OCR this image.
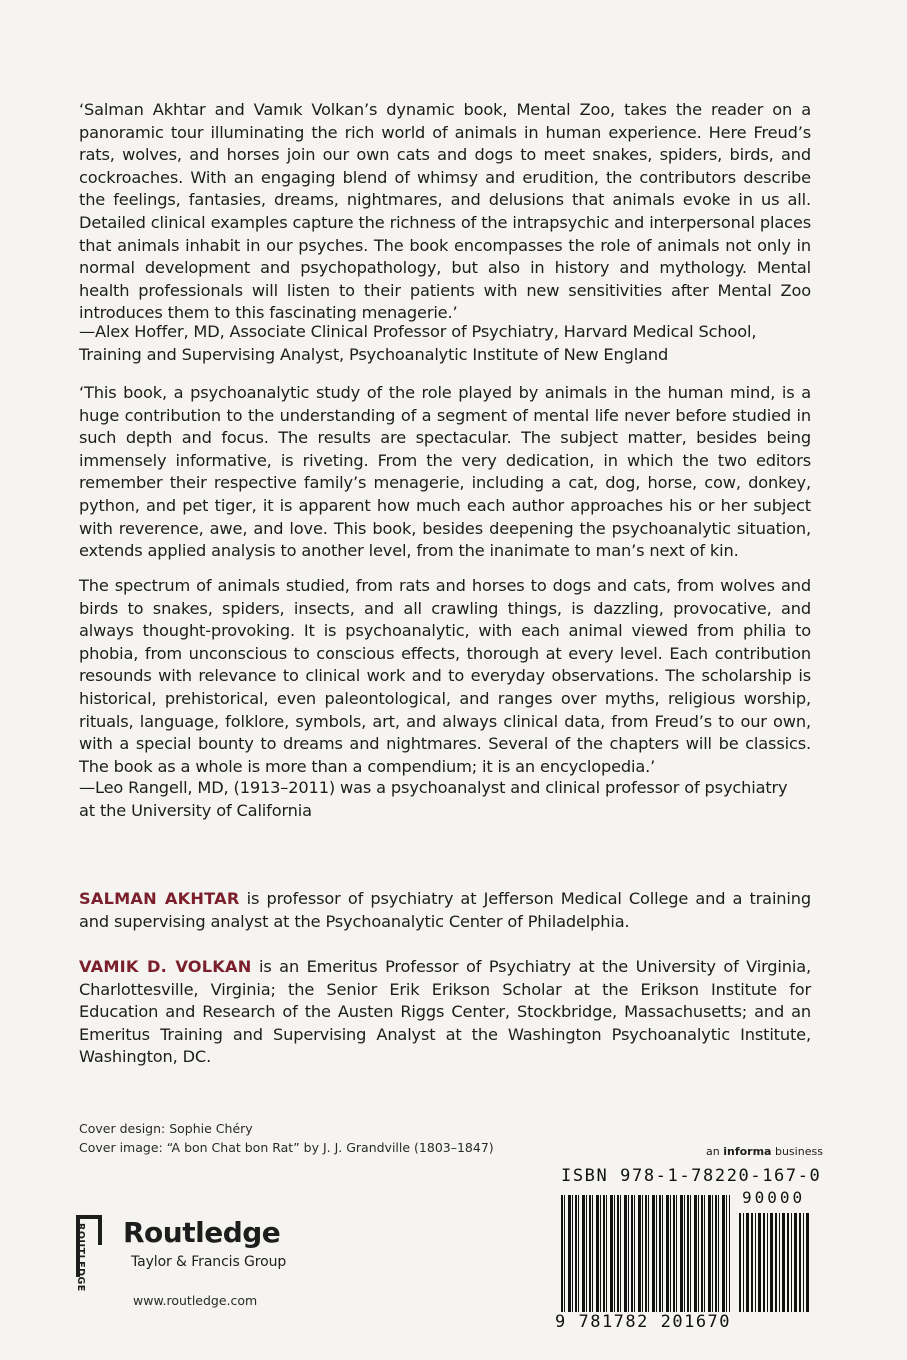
‘Salman Akhtar and Vamık Volkan’s dynamic book, Mental Zoo, takes the reader on a panoramic tour illuminating the rich world of animals in human experience. Here Freud’s rats, wolves, and horses join our own cats and dogs to meet snakes, spiders, birds, and cockroaches. With an engaging blend of whimsy and erudition, the contributors describe the feelings, fantasies, dreams, nightmares, and delusions that animals evoke in us all. Detailed clinical examples capture the richness of the intrapsychic and interpersonal places that animals inhabit in our psyches. The book encompasses the role of animals not only in normal development and psychopathology, but also in history and mythology. Mental health professionals will listen to their patients with new sensitivities after Mental Zoo introduces them to this fascinating menagerie.’

—Alex Hoffer, MD, Associate Clinical Professor of Psychiatry, Harvard Medical School,
Training and Supervising Analyst, Psychoanalytic Institute of New England

‘This book, a psychoanalytic study of the role played by animals in the human mind, is a huge contribution to the understanding of a segment of mental life never before studied in such depth and focus. The results are spectacular. The subject matter, besides being immensely informative, is riveting. From the very dedication, in which the two editors remember their respective family’s menagerie, including a cat, dog, horse, cow, donkey, python, and pet tiger, it is apparent how much each author approaches his or her subject with reverence, awe, and love. This book, besides deepening the psychoanalytic situation, extends applied analysis to another level, from the inanimate to man’s next of kin.

The spectrum of animals studied, from rats and horses to dogs and cats, from wolves and birds to snakes, spiders, insects, and all crawling things, is dazzling, provocative, and always thought-provoking. It is psychoanalytic, with each animal viewed from philia to phobia, from unconscious to conscious effects, thorough at every level. Each contribution resounds with relevance to clinical work and to everyday observations. The scholarship is historical, prehistorical, even paleontological, and ranges over myths, religious worship, rituals, language, folklore, symbols, art, and always clinical data, from Freud’s to our own, with a special bounty to dreams and nightmares. Several of the chapters will be classics. The book as a whole is more than a compendium; it is an encyclopedia.’

—Leo Rangell, MD, (1913–2011) was a psychoanalyst and clinical professor of psychiatry
at the University of California

SALMAN AKHTAR is professor of psychiatry at Jefferson Medical College and a training and supervising analyst at the Psychoanalytic Center of Philadelphia.

VAMIK D. VOLKAN is an Emeritus Professor of Psychiatry at the University of Virginia, Charlottesville, Virginia; the Senior Erik Erikson Scholar at the Erikson Institute for Education and Research of the Austen Riggs Center, Stockbridge, Massachusetts; and an Emeritus Training and Supervising Analyst at the Washington Psychoanalytic Institute, Washington, DC.

Cover design: Sophie Chéry
Cover image: “A bon Chat bon Rat” by J. J. Grandville (1803–1847)	an informa business
ISBN 978-1-78220-167-0
90000
9 781782 201670
ROUTLEDGE Routledge
Taylor & Francis Group
www.routledge.com
